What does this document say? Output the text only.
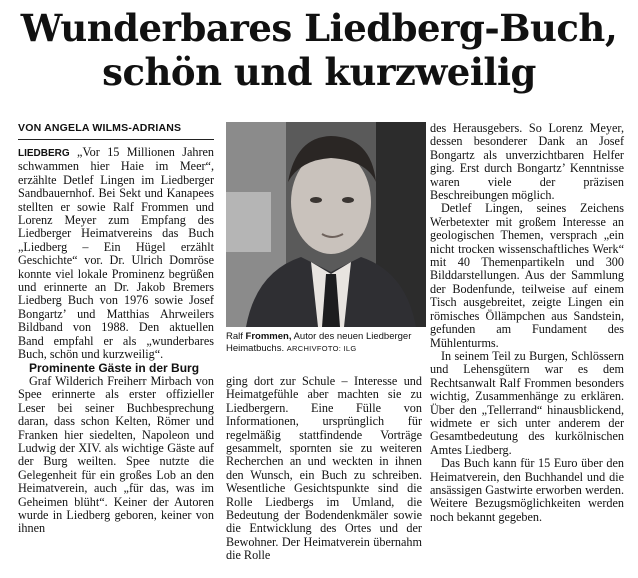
Wunderbares Liedberg-Buch,
schön und kurzweilig
VON ANGELA WILMS-ADRIANS

LIEDBERG „Vor 15 Millionen Jahren schwammen hier Haie im Meer“, erzählte Detlef Lingen im Liedberger Sandbauernhof. Bei Sekt und Kanapees stellten er sowie Ralf Frommen und Lorenz Meyer zum Empfang des Liedberger Heimatvereins das Buch „Liedberg – Ein Hügel erzählt Geschichte“ vor. Dr. Ulrich Domröse konnte viel lokale Prominenz begrüßen und erinnerte an Dr. Jakob Bremers Liedberg Buch von 1976 sowie Josef Bongartz’ und Matthias Ahrweilers Bildband von 1988. Den aktuellen Band empfahl er als „wunderbares Buch, schön und kurzweilig“.

Prominente Gäste in der Burg

Graf Wilderich Freiherr Mirbach von Spee erinnerte als erster offizieller Leser bei seiner Buchbesprechung daran, dass schon Kelten, Römer und Franken hier siedelten, Napoleon und Ludwig der XIV. als wichtige Gäste auf der Burg weilten. Spee nutzte die Gelegenheit für ein großes Lob an den Heimatverein, auch „für das, was im Geheimen blüht“. Keiner der Autoren wurde in Liedberg geboren, keiner von ihnen

Ralf Frommen, Autor des neuen Liedberger Heimatbuchs. ARCHIVFOTO: ILG

ging dort zur Schule – Interesse und Heimatgefühle aber machten sie zu Liedbergern. Eine Fülle von Informationen, ursprünglich für regelmäßig stattfindende Vorträge gesammelt, spornten sie zu weiteren Recherchen an und weckten in ihnen den Wunsch, ein Buch zu schreiben. Wesentliche Gesichtspunkte sind die Rolle Liedbergs im Umland, die Bedeutung der Bodendenkmäler sowie die Entwicklung des Ortes und der Bewohner. Der Heimatverein übernahm die Rolle

des Herausgebers. So Lorenz Meyer, dessen besonderer Dank an Josef Bongartz als unverzichtbaren Helfer ging. Erst durch Bongartz’ Kenntnisse waren viele der präzisen Beschreibungen möglich.

Detlef Lingen, seines Zeichens Werbetexter mit großem Interesse an geologischen Themen, versprach „ein nicht trocken wissenschaftliches Werk“ mit 40 Themenpartikeln und 300 Bilddarstellungen. Aus der Sammlung der Bodenfunde, teilweise auf einem Tisch ausgebreitet, zeigte Lingen ein römisches Öllämpchen aus Sandstein, gefunden am Fundament des Mühlenturms.

In seinem Teil zu Burgen, Schlössern und Lehensgütern war es dem Rechtsanwalt Ralf Frommen besonders wichtig, Zusammenhänge zu erklären. Über den „Tellerrand“ hinausblickend, widmete er sich unter anderem der Gesamtbedeutung des kurkölnischen Amtes Liedberg.

Das Buch kann für 15 Euro über den Heimatverein, den Buchhandel und die ansässigen Gastwirte erworben werden. Weitere Bezugsmöglichkeiten werden noch bekannt gegeben.
